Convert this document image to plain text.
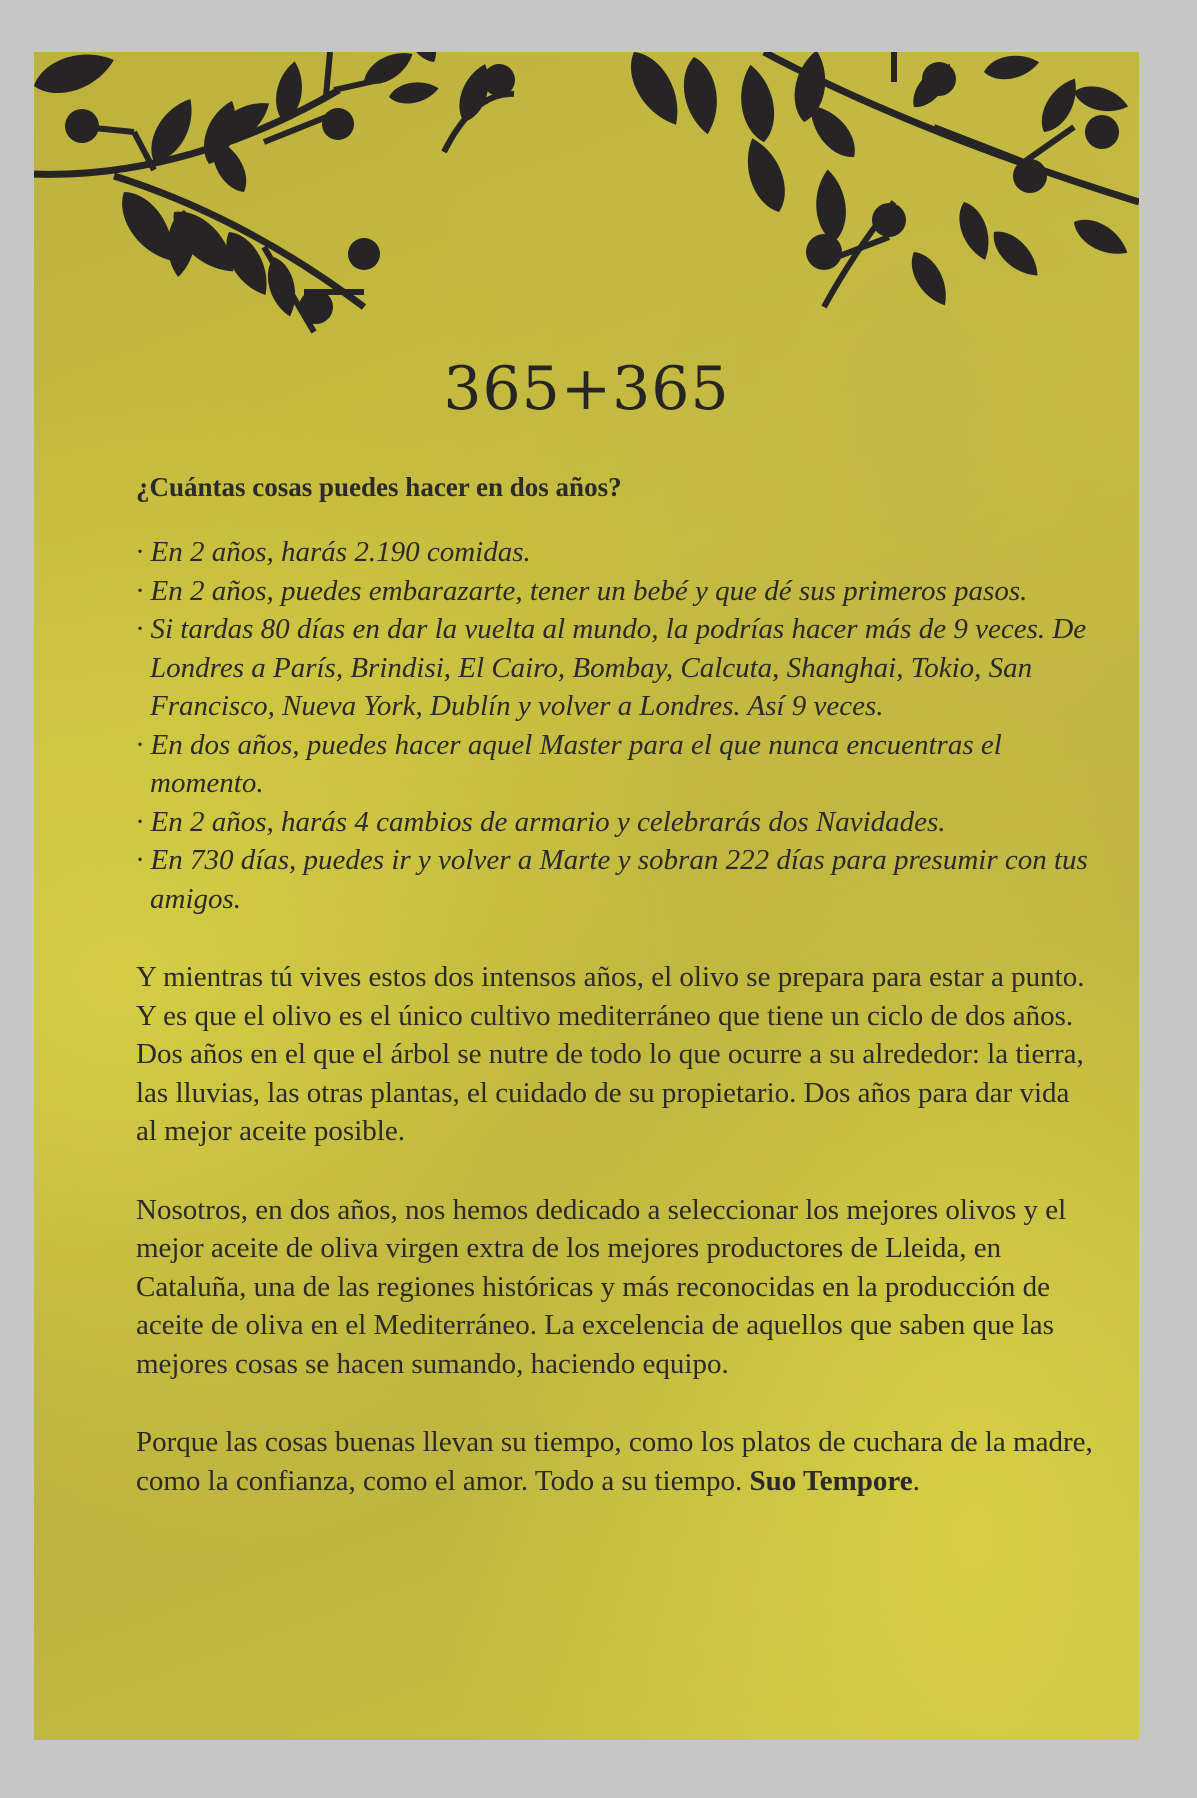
365+365
¿Cuántas cosas puedes hacer en dos años?
· En 2 años, harás 2.190 comidas.
· En 2 años, puedes embarazarte, tener un bebé y que dé sus primeros pasos.
· Si tardas 80 días en dar la vuelta al mundo, la podrías hacer más de 9 veces. De Londres a París, Brindisi, El Cairo, Bombay, Calcuta, Shanghai, Tokio, San Francisco, Nueva York, Dublín y volver a Londres. Así 9 veces.
· En dos años, puedes hacer aquel Master para el que nunca encuentras el momento.
· En 2 años, harás 4 cambios de armario y celebrarás dos Navidades.
· En 730 días, puedes ir y volver a Marte y sobran 222 días para presumir con tus amigos.

Y mientras tú vives estos dos intensos años, el olivo se prepara para estar a punto. Y es que el olivo es el único cultivo mediterráneo que tiene un ciclo de dos años. Dos años en el que el árbol se nutre de todo lo que ocurre a su alrededor: la tierra, las lluvias, las otras plantas, el cuidado de su propietario. Dos años para dar vida al mejor aceite posible.

Nosotros, en dos años, nos hemos dedicado a seleccionar los mejores olivos y el mejor aceite de oliva virgen extra de los mejores productores de Lleida, en Cataluña, una de las regiones históricas y más reconocidas en la producción de aceite de oliva en el Mediterráneo. La excelencia de aquellos que saben que las mejores cosas se hacen sumando, haciendo equipo.

Porque las cosas buenas llevan su tiempo, como los platos de cuchara de la madre, como la confianza, como el amor. Todo a su tiempo. Suo Tempore.
